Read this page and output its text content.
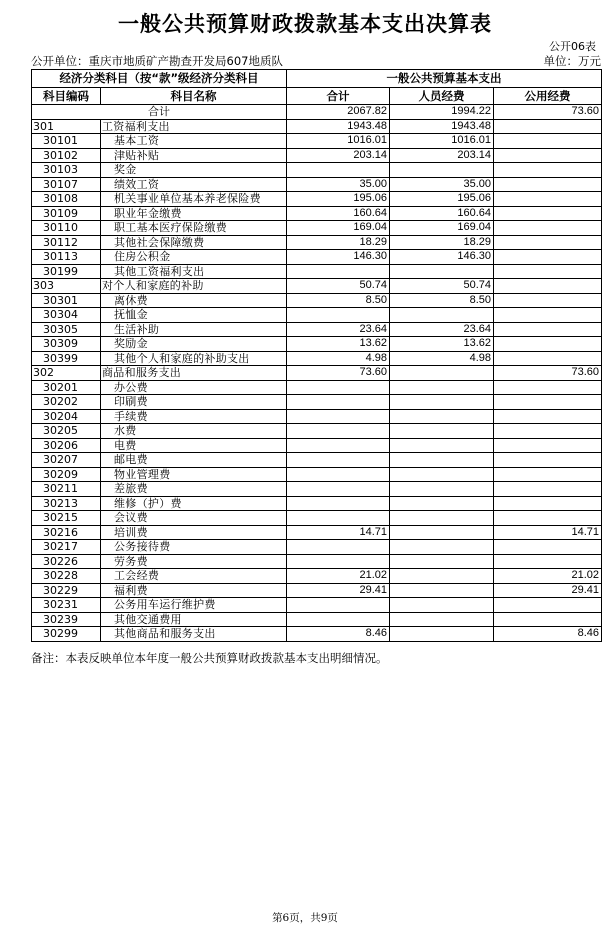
一般公共预算财政拨款基本支出决算表
公开06表
公开单位：重庆市地质矿产勘查开发局607地质队	单位：万元
经济分类科目（按“款”级经济分类科目		一般公共预算基本支出		
科目编码	科目名称	合计	人员经费	公用经费
合计		2067.82	1994.22	73.60
301	工资福利支出	1943.48	1943.48	
30101	基本工资	1016.01	1016.01	
30102	津贴补贴	203.14	203.14	
30103	奖金			
30107	绩效工资	35.00	35.00	
30108	机关事业单位基本养老保险费	195.06	195.06	
30109	职业年金缴费	160.64	160.64	
30110	职工基本医疗保险缴费	169.04	169.04	
30112	其他社会保障缴费	18.29	18.29	
30113	住房公积金	146.30	146.30	
30199	其他工资福利支出			
303	对个人和家庭的补助	50.74	50.74	
30301	离休费	8.50	8.50	
30304	抚恤金			
30305	生活补助	23.64	23.64	
30309	奖励金	13.62	13.62	
30399	其他个人和家庭的补助支出	4.98	4.98	
302	商品和服务支出	73.60		73.60
30201	办公费			
30202	印刷费			
30204	手续费			
30205	水费			
30206	电费			
30207	邮电费			
30209	物业管理费			
30211	差旅费			
30213	维修（护）费			
30215	会议费			
30216	培训费	14.71		14.71
30217	公务接待费			
30226	劳务费			
30228	工会经费	21.02		21.02
30229	福利费	29.41		29.41
30231	公务用车运行维护费			
30239	其他交通费用			
30299	其他商品和服务支出	8.46		8.46
备注：本表反映单位本年度一般公共预算财政拨款基本支出明细情况。
第6页，共9页
